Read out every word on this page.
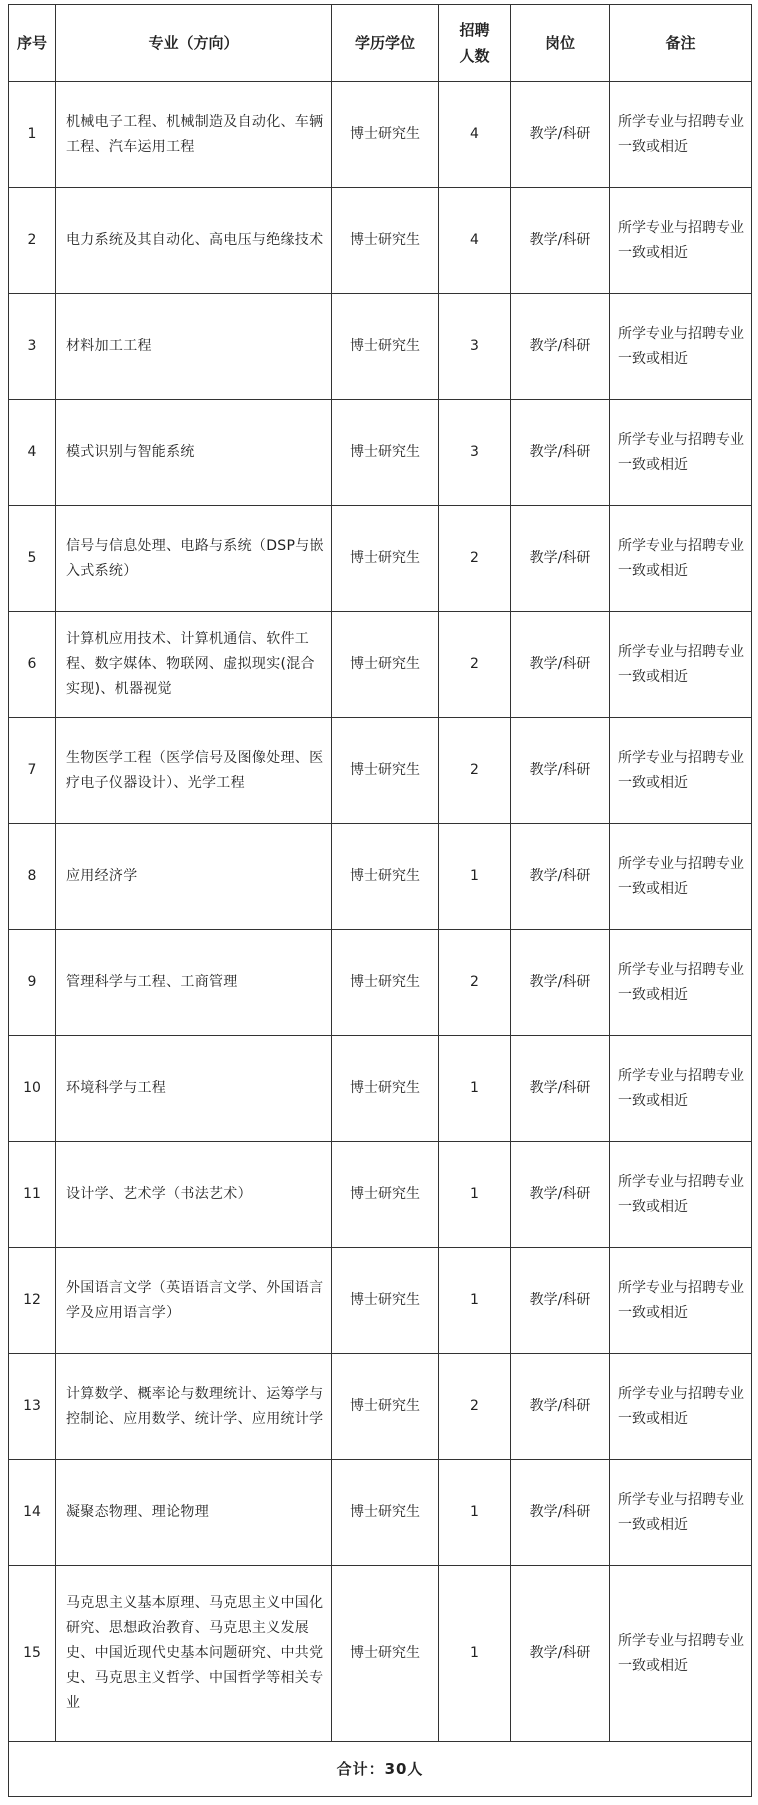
序号	专业（方向）	学历学位	招聘人数	岗位	备注
1	机械电子工程、机械制造及自动化、车辆工程、汽车运用工程	博士研究生	4	教学/科研	所学专业与招聘专业一致或相近
2	电力系统及其自动化、高电压与绝缘技术	博士研究生	4	教学/科研	所学专业与招聘专业一致或相近
3	材料加工工程	博士研究生	3	教学/科研	所学专业与招聘专业一致或相近
4	模式识别与智能系统	博士研究生	3	教学/科研	所学专业与招聘专业一致或相近
5	信号与信息处理、电路与系统（DSP与嵌入式系统）	博士研究生	2	教学/科研	所学专业与招聘专业一致或相近
6	计算机应用技术、计算机通信、软件工程、数字媒体、物联网、虚拟现实(混合实现)、机器视觉	博士研究生	2	教学/科研	所学专业与招聘专业一致或相近
7	生物医学工程（医学信号及图像处理、医疗电子仪器设计）、光学工程	博士研究生	2	教学/科研	所学专业与招聘专业一致或相近
8	应用经济学	博士研究生	1	教学/科研	所学专业与招聘专业一致或相近
9	管理科学与工程、工商管理	博士研究生	2	教学/科研	所学专业与招聘专业一致或相近
10	环境科学与工程	博士研究生	1	教学/科研	所学专业与招聘专业一致或相近
11	设计学、艺术学（书法艺术）	博士研究生	1	教学/科研	所学专业与招聘专业一致或相近
12	外国语言文学（英语语言文学、外国语言学及应用语言学）	博士研究生	1	教学/科研	所学专业与招聘专业一致或相近
13	计算数学、概率论与数理统计、运筹学与控制论、应用数学、统计学、应用统计学	博士研究生	2	教学/科研	所学专业与招聘专业一致或相近
14	凝聚态物理、理论物理	博士研究生	1	教学/科研	所学专业与招聘专业一致或相近
15	马克思主义基本原理、马克思主义中国化研究、思想政治教育、马克思主义发展史、中国近现代史基本问题研究、中共党史、马克思主义哲学、中国哲学等相关专业	博士研究生	1	教学/科研	所学专业与招聘专业一致或相近
合计：30人					
